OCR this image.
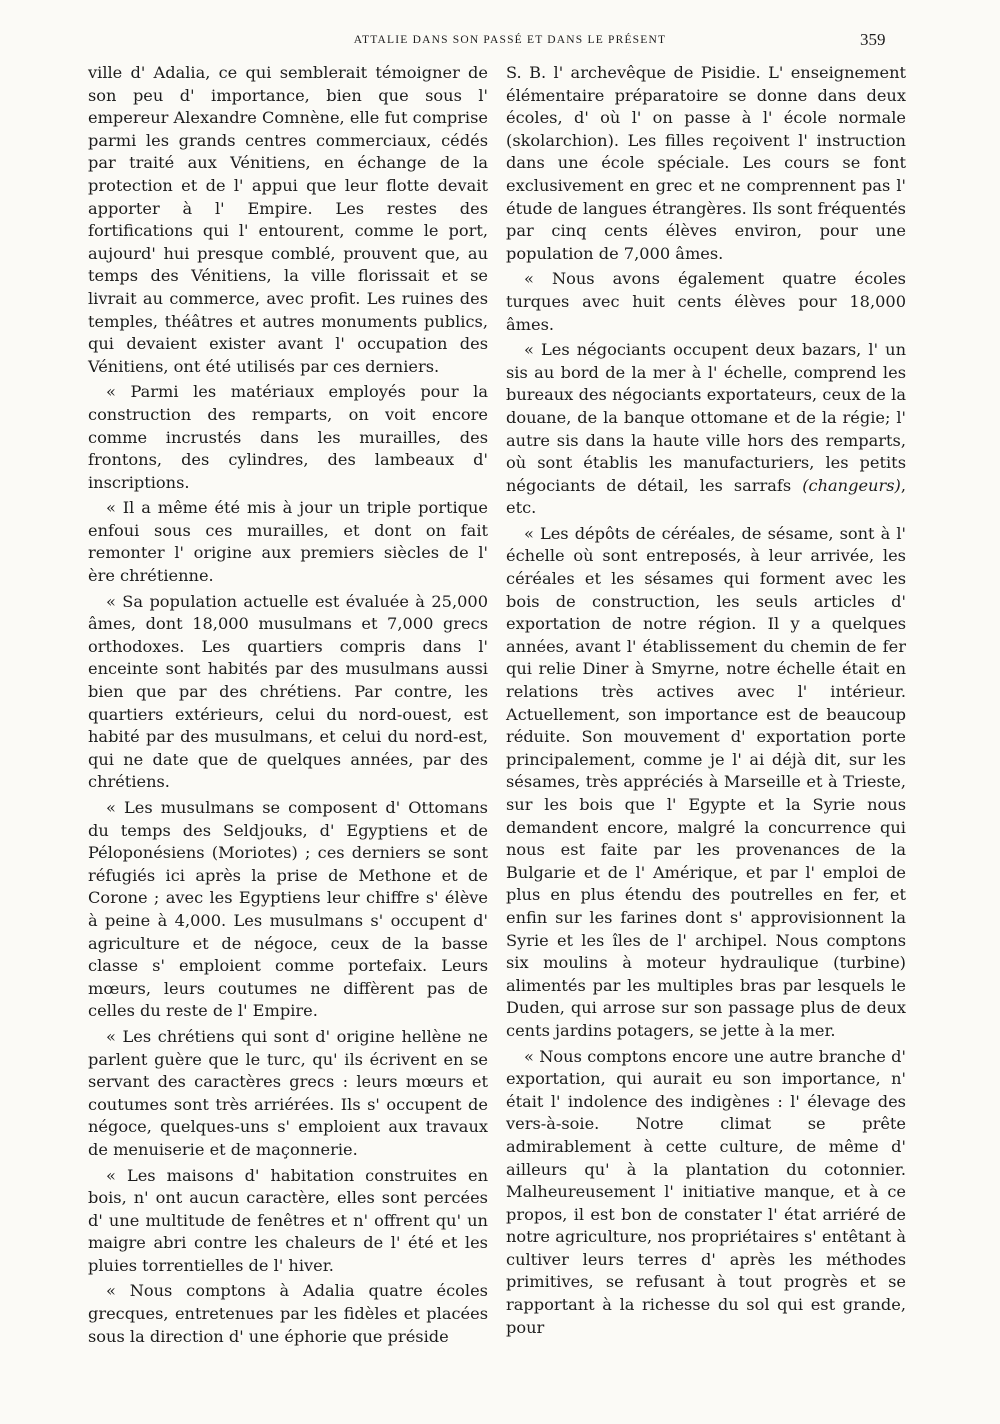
ATTALIE DANS SON PASSÉ ET DANS LE PRÉSENT	359

ville d' Adalia, ce qui semblerait témoigner de son peu d' importance, bien que sous l' empereur Alexandre Comnène, elle fut comprise parmi les grands centres commerciaux, cédés par traité aux Vénitiens, en échange de la protection et de l' appui que leur flotte devait apporter à l' Empire. Les restes des fortifications qui l' entourent, comme le port, aujourd' hui presque comblé, prouvent que, au temps des Vénitiens, la ville florissait et se livrait au commerce, avec profit. Les ruines des temples, théâtres et autres monuments publics, qui devaient exister avant l' occupation des Vénitiens, ont été utilisés par ces derniers.

« Parmi les matériaux employés pour la construction des remparts, on voit encore comme incrustés dans les murailles, des frontons, des cylindres, des lambeaux d' inscriptions.

« Il a même été mis à jour un triple portique enfoui sous ces murailles, et dont on fait remonter l' origine aux premiers siècles de l' ère chrétienne.

« Sa population actuelle est évaluée à 25,000 âmes, dont 18,000 musulmans et 7,000 grecs orthodoxes. Les quartiers compris dans l' enceinte sont habités par des musulmans aussi bien que par des chrétiens. Par contre, les quartiers extérieurs, celui du nord-ouest, est habité par des musulmans, et celui du nord-est, qui ne date que de quelques années, par des chrétiens.

« Les musulmans se composent d' Ottomans du temps des Seldjouks, d' Egyptiens et de Péloponésiens (Moriotes) ; ces derniers se sont réfugiés ici après la prise de Methone et de Corone ; avec les Egyptiens leur chiffre s' élève à peine à 4,000. Les musulmans s' occupent d' agriculture et de négoce, ceux de la basse classe s' emploient comme portefaix. Leurs mœurs, leurs coutumes ne diffèrent pas de celles du reste de l' Empire.

« Les chrétiens qui sont d' origine hellène ne parlent guère que le turc, qu' ils écrivent en se servant des caractères grecs : leurs mœurs et coutumes sont très arriérées. Ils s' occupent de négoce, quelques-uns s' emploient aux travaux de menuiserie et de maçonnerie.

« Les maisons d' habitation construites en bois, n' ont aucun caractère, elles sont percées d' une multitude de fenêtres et n' offrent qu' un maigre abri contre les chaleurs de l' été et les pluies torrentielles de l' hiver.

« Nous comptons à Adalia quatre écoles grecques, entretenues par les fidèles et placées sous la direction d' une éphorie que préside

S. B. l' archevêque de Pisidie. L' enseignement élémentaire préparatoire se donne dans deux écoles, d' où l' on passe à l' école normale (skolarchion). Les filles reçoivent l' instruction dans une école spéciale. Les cours se font exclusivement en grec et ne comprennent pas l' étude de langues étrangères. Ils sont fréquentés par cinq cents élèves environ, pour une population de 7,000 âmes.

« Nous avons également quatre écoles turques avec huit cents élèves pour 18,000 âmes.

« Les négociants occupent deux bazars, l' un sis au bord de la mer à l' échelle, comprend les bureaux des négociants exportateurs, ceux de la douane, de la banque ottomane et de la régie; l' autre sis dans la haute ville hors des remparts, où sont établis les manufacturiers, les petits négociants de détail, les sarrafs (changeurs), etc.

« Les dépôts de céréales, de sésame, sont à l' échelle où sont entreposés, à leur arrivée, les céréales et les sésames qui forment avec les bois de construction, les seuls articles d' exportation de notre région. Il y a quelques années, avant l' établissement du chemin de fer qui relie Diner à Smyrne, notre échelle était en relations très actives avec l' intérieur. Actuellement, son importance est de beaucoup réduite. Son mouvement d' exportation porte principalement, comme je l' ai déjà dit, sur les sésames, très appréciés à Marseille et à Trieste, sur les bois que l' Egypte et la Syrie nous demandent encore, malgré la concurrence qui nous est faite par les provenances de la Bulgarie et de l' Amérique, et par l' emploi de plus en plus étendu des poutrelles en fer, et enfin sur les farines dont s' approvisionnent la Syrie et les îles de l' archipel. Nous comptons six moulins à moteur hydraulique (turbine) alimentés par les multiples bras par lesquels le Duden, qui arrose sur son passage plus de deux cents jardins potagers, se jette à la mer.

« Nous comptons encore une autre branche d' exportation, qui aurait eu son importance, n' était l' indolence des indigènes : l' élevage des vers-à-soie. Notre climat se prête admirablement à cette culture, de même d' ailleurs qu' à la plantation du cotonnier. Malheureusement l' initiative manque, et à ce propos, il est bon de constater l' état arriéré de notre agriculture, nos propriétaires s' entêtant à cultiver leurs terres d' après les méthodes primitives, se refusant à tout progrès et se rapportant à la richesse du sol qui est grande, pour
